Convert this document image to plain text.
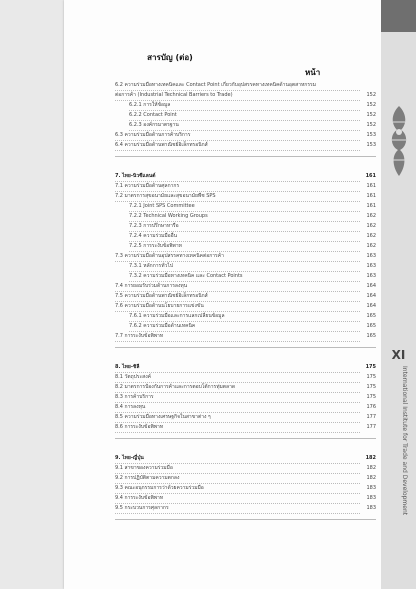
สารบัญ (ต่อ)
หน้า
6.2 ความร่วมมือทางเทคนิคและ Contact Point เกี่ยวกับอุปสรรคทางเทคนิคด้านอุตสาหกรรม
ต่อการค้า (Industrial Technical Barriers to Trade)	152
6.2.1 การให้ข้อมูล	152
6.2.2 Contact Point	152
6.2.3 องค์กรมาตรฐาน	152
6.3 ความร่วมมือด้านการค้าบริการ	153
6.4 ความร่วมมือด้านพาณิชย์อิเล็กทรอนิกส์	153
7. ไทย-นิวซีแลนด์	161
7.1 ความร่วมมือด้านศุลกากร	161
7.2 มาตรการสุขอนามัยและสุขอนามัยพืช SPS	161
7.2.1 Joint SPS Committee	161
7.2.2 Technical Working Groups	162
7.2.3 การปรึกษาหารือ	162
7.2.4 ความร่วมมืออื่น	162
7.2.5 การระงับข้อพิพาท	162
7.3 ความร่วมมือด้านอุปสรรคทางเทคนิคต่อการค้า	163
7.3.1 หลักการทั่วไป	163
7.3.2 ความร่วมมือทางเทคนิค และ Contact Points	163
7.4 การยอมรับร่วมด้านการลงทุน	164
7.5 ความร่วมมือด้านพาณิชย์อิเล็กทรอนิกส์	164
7.6 ความร่วมมือด้านนโยบายการแข่งขัน	164
7.6.1 ความร่วมมือและการแลกเปลี่ยนข้อมูล	165
7.6.2 ความร่วมมือด้านเทคนิค	165
7.7 การระงับข้อพิพาท	165
8. ไทย-ชิลี	175
8.1 วัตถุประสงค์	175
8.2 มาตรการป้องกันการค้าและการตอบโต้การทุ่มตลาด	175
8.3 การค้าบริการ	175
8.4 การลงทุน	176
8.5 ความร่วมมือทางเศรษฐกิจในสาขาต่าง ๆ	177
8.6 การระงับข้อพิพาท	177
9. ไทย-ญี่ปุ่น	182
9.1 สาขาของความร่วมมือ	182
9.2 การปฏิบัติตามความตกลง	182
9.3 คณะอนุกรรมการว่าด้วยความร่วมมือ	183
9.4 การระงับข้อพิพาท	183
9.5 กระบวนการศุลกากร	183
XI
International Institute for Trade and Development
